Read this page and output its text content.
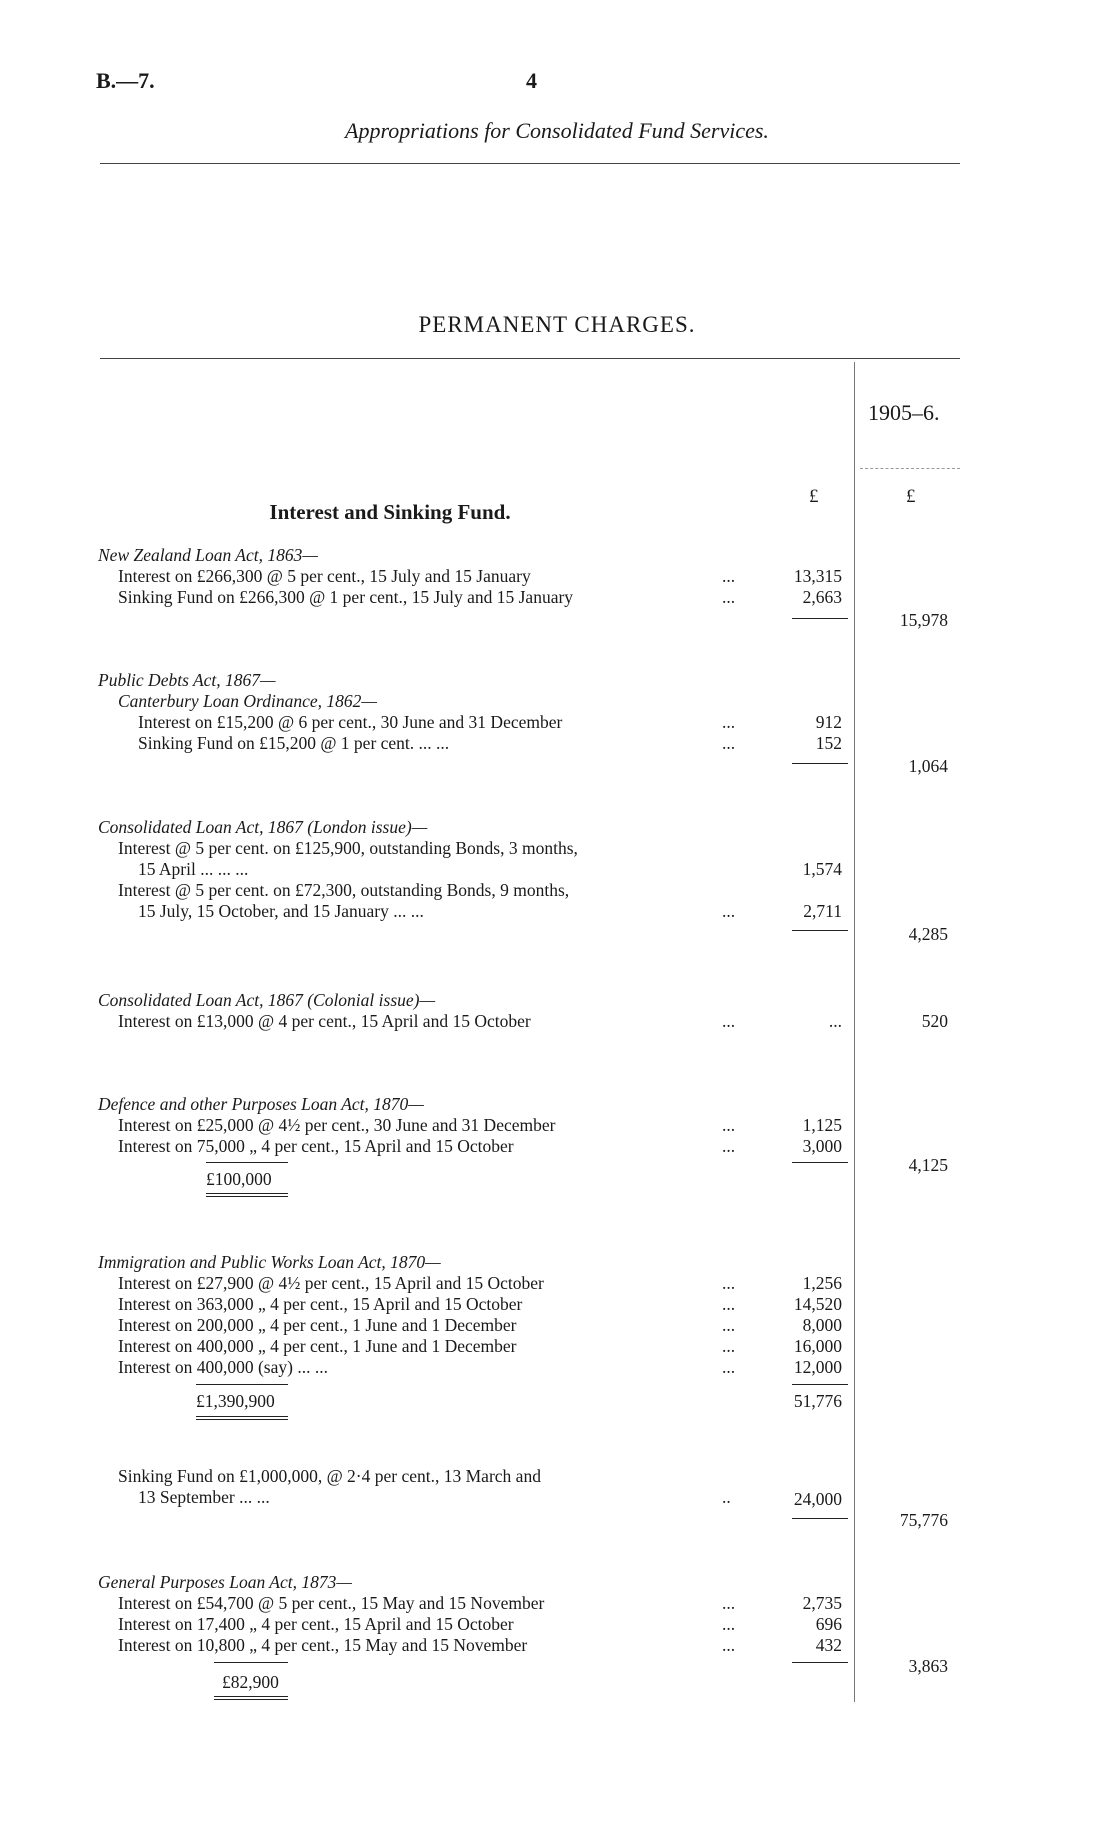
B.—7.	4
Appropriations for Consolidated Fund Services.
PERMANENT CHARGES.
1905–6.
£	£
Interest and Sinking Fund.
New Zealand Loan Act, 1863—
Interest on £266,300 @ 5 per cent., 15 July and 15 January	...	13,315
Sinking Fund on £266,300 @ 1 per cent., 15 July and 15 January	...	2,663
15,978
Public Debts Act, 1867—
Canterbury Loan Ordinance, 1862—
Interest on £15,200 @ 6 per cent., 30 June and 31 December	...	912
Sinking Fund on £15,200 @ 1 per cent. ... ...	...	152
1,064
Consolidated Loan Act, 1867 (London issue)—
Interest @ 5 per cent. on £125,900, outstanding Bonds, 3 months,
15 April ... ... ...	1,574
Interest @ 5 per cent. on £72,300, outstanding Bonds, 9 months,
15 July, 15 October, and 15 January ... ...	...	2,711
4,285
Consolidated Loan Act, 1867 (Colonial issue)—
Interest on £13,000 @ 4 per cent., 15 April and 15 October	...	...	520
Defence and other Purposes Loan Act, 1870—
Interest on £25,000 @ 4½ per cent., 30 June and 31 December	...	1,125
Interest on 75,000 „ 4 per cent., 15 April and 15 October	...	3,000
£100,000
4,125
Immigration and Public Works Loan Act, 1870—
Interest on £27,900 @ 4½ per cent., 15 April and 15 October	...	1,256
Interest on 363,000 „ 4 per cent., 15 April and 15 October	...	14,520
Interest on 200,000 „ 4 per cent., 1 June and 1 December	...	8,000
Interest on 400,000 „ 4 per cent., 1 June and 1 December	...	16,000
Interest on 400,000 (say) ... ...	...	12,000
£1,390,900	51,776
Sinking Fund on £1,000,000, @ 2·4 per cent., 13 March and
13 September ... ...	..	24,000
75,776
General Purposes Loan Act, 1873—
Interest on £54,700 @ 5 per cent., 15 May and 15 November	...	2,735
Interest on 17,400 „ 4 per cent., 15 April and 15 October	...	696
Interest on 10,800 „ 4 per cent., 15 May and 15 November	...	432
£82,900
3,863
